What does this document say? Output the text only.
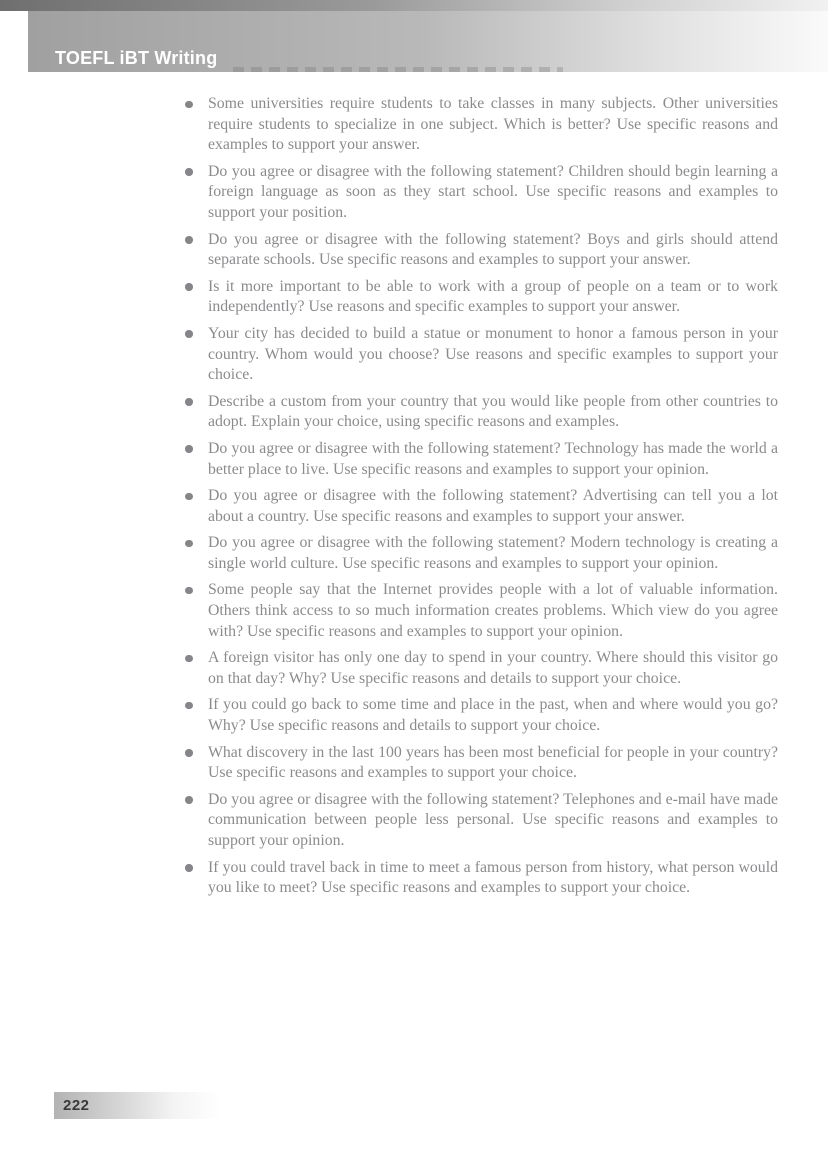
TOEFL iBT Writing
Some universities require students to take classes in many subjects. Other universities require students to specialize in one subject. Which is better? Use specific reasons and examples to support your answer.
Do you agree or disagree with the following statement? Children should begin learning a foreign language as soon as they start school. Use specific reasons and examples to support your position.
Do you agree or disagree with the following statement? Boys and girls should attend separate schools. Use specific reasons and examples to support your answer.
Is it more important to be able to work with a group of people on a team or to work independently? Use reasons and specific examples to support your answer.
Your city has decided to build a statue or monument to honor a famous person in your country. Whom would you choose? Use reasons and specific examples to support your choice.
Describe a custom from your country that you would like people from other countries to adopt. Explain your choice, using specific reasons and examples.
Do you agree or disagree with the following statement? Technology has made the world a better place to live. Use specific reasons and examples to support your opinion.
Do you agree or disagree with the following statement? Advertising can tell you a lot about a country. Use specific reasons and examples to support your answer.
Do you agree or disagree with the following statement? Modern technology is creating a single world culture. Use specific reasons and examples to support your opinion.
Some people say that the Internet provides people with a lot of valuable information. Others think access to so much information creates problems. Which view do you agree with? Use specific reasons and examples to support your opinion.
A foreign visitor has only one day to spend in your country. Where should this visitor go on that day? Why? Use specific reasons and details to support your choice.
If you could go back to some time and place in the past, when and where would you go? Why? Use specific reasons and details to support your choice.
What discovery in the last 100 years has been most beneficial for people in your country? Use specific reasons and examples to support your choice.
Do you agree or disagree with the following statement? Telephones and e-mail have made communication between people less personal. Use specific reasons and examples to support your opinion.
If you could travel back in time to meet a famous person from history, what person would you like to meet? Use specific reasons and examples to support your choice.
222
